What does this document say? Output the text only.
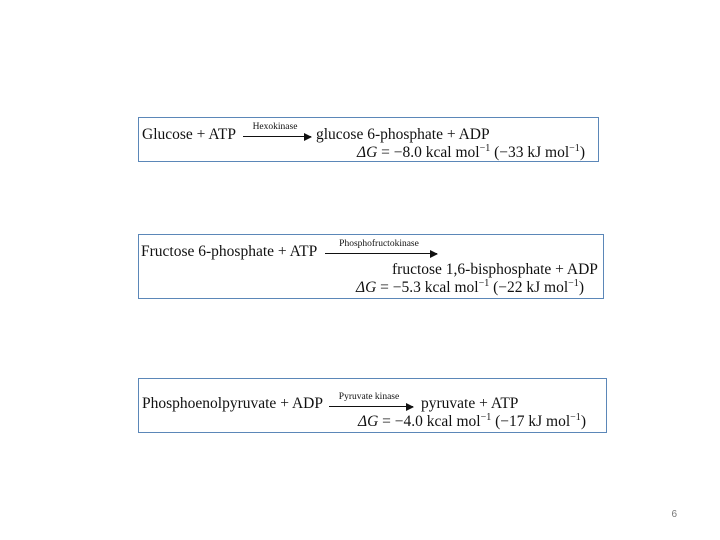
Glucose + ATP	Hexokinase	glucose 6-phosphate + ADP
ΔG = −8.0 kcal mol$^{-1}$ (−33 kJ mol$^{-1}$)
Fructose 6-phosphate + ATP	Phosphofructokinase
fructose 1,6-bisphosphate + ADP
ΔG = −5.3 kcal mol$^{-1}$ (−22 kJ mol$^{-1}$)
Phosphoenolpyruvate + ADP	Pyruvate kinase	pyruvate + ATP
ΔG = −4.0 kcal mol$^{-1}$ (−17 kJ mol$^{-1}$)
6
